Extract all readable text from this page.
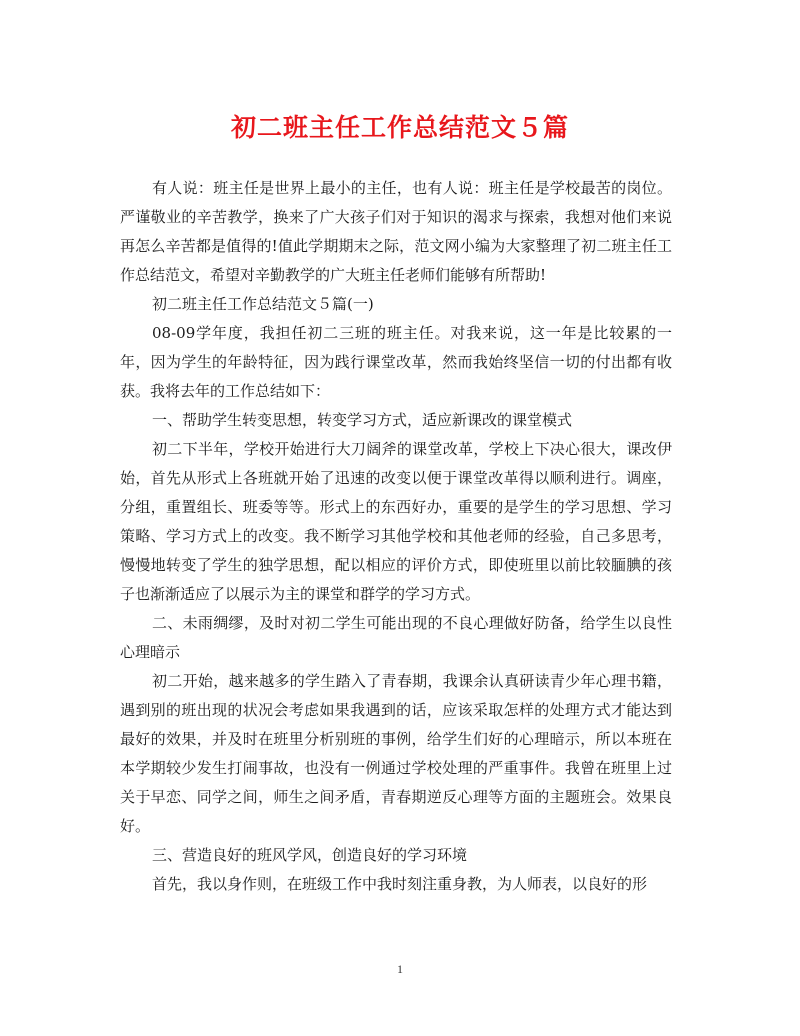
初二班主任工作总结范文５篇

有人说：班主任是世界上最小的主任，也有人说：班主任是学校最苦的岗位。严谨敬业的辛苦教学，换来了广大孩子们对于知识的渴求与探索，我想对他们来说再怎么辛苦都是值得的!值此学期期末之际，范文网小编为大家整理了初二班主任工作总结范文，希望对辛勤教学的广大班主任老师们能够有所帮助!

初二班主任工作总结范文５篇(一)

08-09学年度，我担任初二三班的班主任。对我来说，这一年是比较累的一年，因为学生的年龄特征，因为践行课堂改革，然而我始终坚信一切的付出都有收获。我将去年的工作总结如下：

一、帮助学生转变思想，转变学习方式，适应新课改的课堂模式

初二下半年，学校开始进行大刀阔斧的课堂改革，学校上下决心很大，课改伊始，首先从形式上各班就开始了迅速的改变以便于课堂改革得以顺利进行。调座，分组，重置组长、班委等等。形式上的东西好办，重要的是学生的学习思想、学习策略、学习方式上的改变。我不断学习其他学校和其他老师的经验，自己多思考，慢慢地转变了学生的独学思想，配以相应的评价方式，即使班里以前比较腼腆的孩子也渐渐适应了以展示为主的课堂和群学的学习方式。

二、未雨绸缪，及时对初二学生可能出现的不良心理做好防备，给学生以良性心理暗示

初二开始，越来越多的学生踏入了青春期，我课余认真研读青少年心理书籍，遇到别的班出现的状况会考虑如果我遇到的话，应该采取怎样的处理方式才能达到最好的效果，并及时在班里分析别班的事例，给学生们好的心理暗示，所以本班在本学期较少发生打闹事故，也没有一例通过学校处理的严重事件。我曾在班里上过关于早恋、同学之间，师生之间矛盾，青春期逆反心理等方面的主题班会。效果良好。

三、营造良好的班风学风，创造良好的学习环境

首先，我以身作则，在班级工作中我时刻注重身教，为人师表，以良好的形

1
